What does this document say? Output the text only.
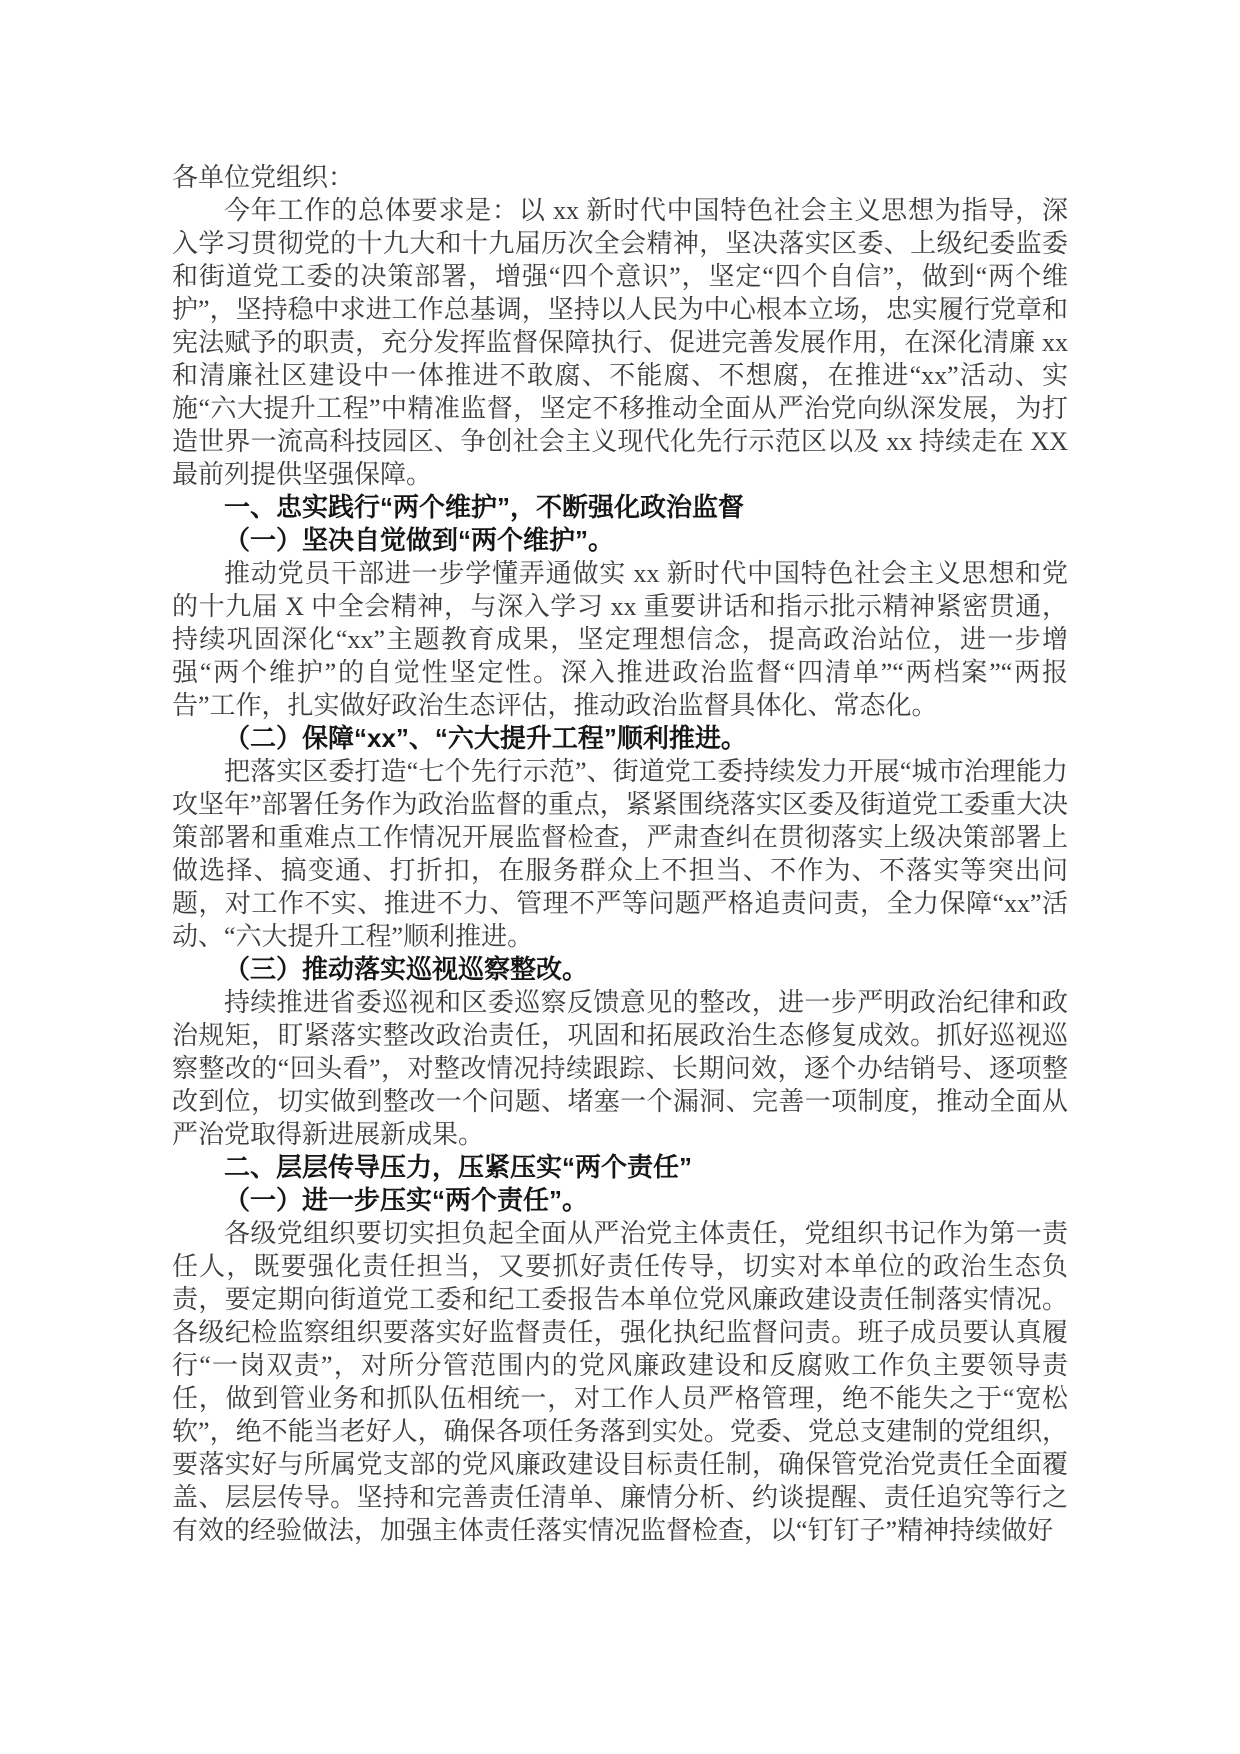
各单位党组织：

今年工作的总体要求是：以 xx 新时代中国特色社会主义思想为指导，深入学习贯彻党的十九大和十九届历次全会精神，坚决落实区委、上级纪委监委和街道党工委的决策部署，增强“四个意识”，坚定“四个自信”，做到“两个维护”，坚持稳中求进工作总基调，坚持以人民为中心根本立场，忠实履行党章和宪法赋予的职责，充分发挥监督保障执行、促进完善发展作用，在深化清廉 xx 和清廉社区建设中一体推进不敢腐、不能腐、不想腐，在推进“xx”活动、实施“六大提升工程”中精准监督，坚定不移推动全面从严治党向纵深发展，为打造世界一流高科技园区、争创社会主义现代化先行示范区以及 xx 持续走在 XX 最前列提供坚强保障。

一、忠实践行“两个维护”，不断强化政治监督
（一）坚决自觉做到“两个维护”。

推动党员干部进一步学懂弄通做实 xx 新时代中国特色社会主义思想和党的十九届 X 中全会精神，与深入学习 xx 重要讲话和指示批示精神紧密贯通，持续巩固深化“xx”主题教育成果，坚定理想信念，提高政治站位，进一步增强“两个维护”的自觉性坚定性。深入推进政治监督“四清单”“两档案”“两报告”工作，扎实做好政治生态评估，推动政治监督具体化、常态化。

（二）保障“xx”、“六大提升工程”顺利推进。

把落实区委打造“七个先行示范”、街道党工委持续发力开展“城市治理能力攻坚年”部署任务作为政治监督的重点，紧紧围绕落实区委及街道党工委重大决策部署和重难点工作情况开展监督检查，严肃查纠在贯彻落实上级决策部署上做选择、搞变通、打折扣，在服务群众上不担当、不作为、不落实等突出问题，对工作不实、推进不力、管理不严等问题严格追责问责，全力保障“xx”活动、“六大提升工程”顺利推进。

（三）推动落实巡视巡察整改。

持续推进省委巡视和区委巡察反馈意见的整改，进一步严明政治纪律和政治规矩，盯紧落实整改政治责任，巩固和拓展政治生态修复成效。抓好巡视巡察整改的“回头看”，对整改情况持续跟踪、长期问效，逐个办结销号、逐项整改到位，切实做到整改一个问题、堵塞一个漏洞、完善一项制度，推动全面从严治党取得新进展新成果。

二、层层传导压力，压紧压实“两个责任”
（一）进一步压实“两个责任”。

各级党组织要切实担负起全面从严治党主体责任，党组织书记作为第一责任人，既要强化责任担当，又要抓好责任传导，切实对本单位的政治生态负责，要定期向街道党工委和纪工委报告本单位党风廉政建设责任制落实情况。各级纪检监察组织要落实好监督责任，强化执纪监督问责。班子成员要认真履行“一岗双责”，对所分管范围内的党风廉政建设和反腐败工作负主要领导责任，做到管业务和抓队伍相统一，对工作人员严格管理，绝不能失之于“宽松软”，绝不能当老好人，确保各项任务落到实处。党委、党总支建制的党组织，要落实好与所属党支部的党风廉政建设目标责任制，确保管党治党责任全面覆盖、层层传导。坚持和完善责任清单、廉情分析、约谈提醒、责任追究等行之有效的经验做法，加强主体责任落实情况监督检查，以“钉钉子”精神持续做好
